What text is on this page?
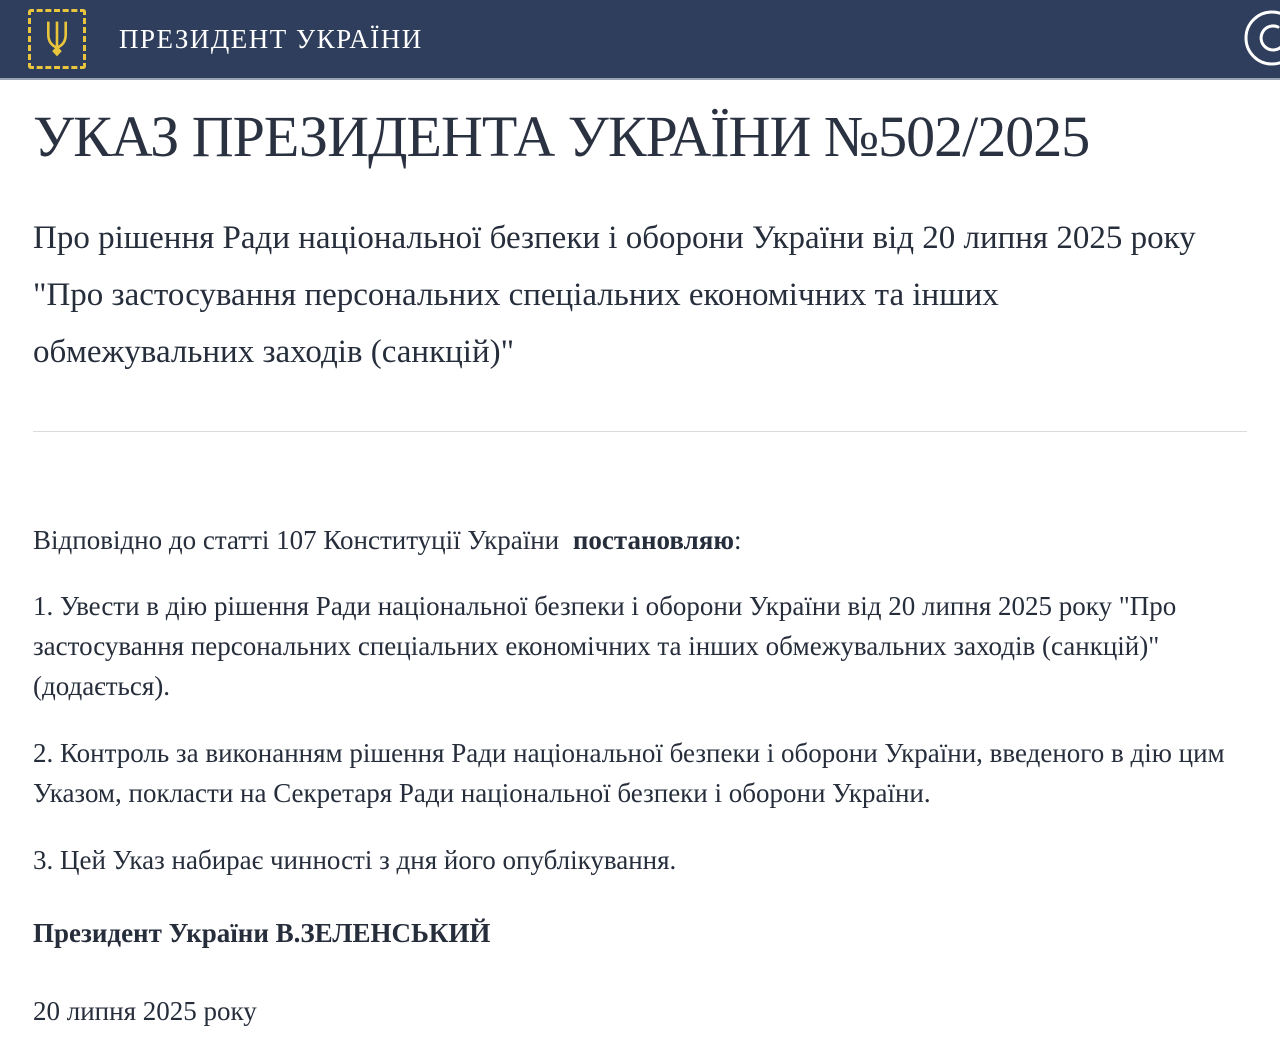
ПРЕЗИДЕНТ УКРАЇНИ
УКАЗ ПРЕЗИДЕНТА УКРАЇНИ №502/2025
Про рішення Ради національної безпеки і оборони України від 20 липня 2025 року "Про застосування персональних спеціальних економічних та інших обмежувальних заходів (санкцій)"

Відповідно до статті 107 Конституції України постановляю:

1. Увести в дію рішення Ради національної безпеки і оборони України від 20 липня 2025 року "Про застосування персональних спеціальних економічних та інших обмежувальних заходів (санкцій)" (додається).

2. Контроль за виконанням рішення Ради національної безпеки і оборони України, введеного в дію цим Указом, покласти на Секретаря Ради національної безпеки і оборони України.

3. Цей Указ набирає чинності з дня його опублікування.

Президент України В.ЗЕЛЕНСЬКИЙ

20 липня 2025 року
